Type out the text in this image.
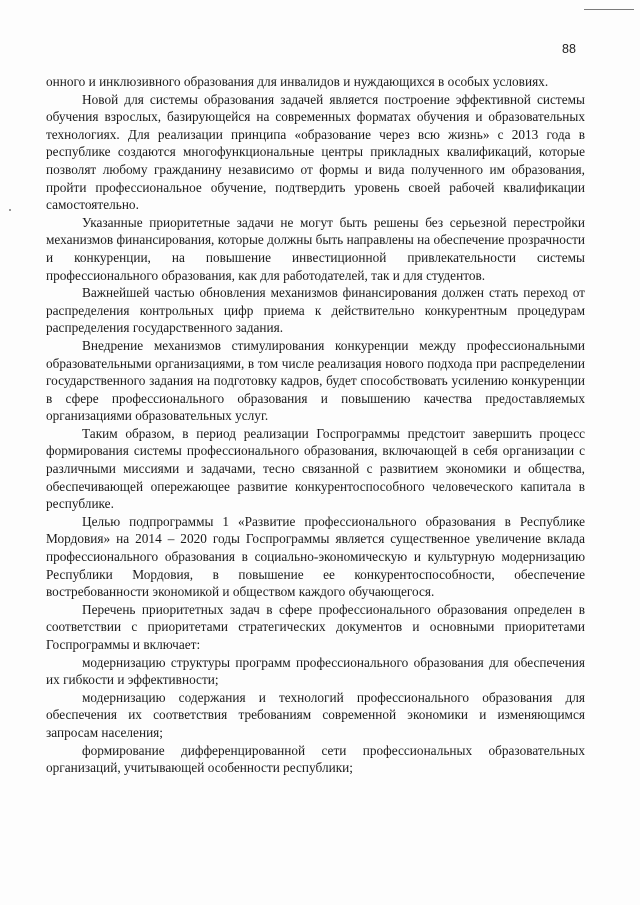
88

онного и инклюзивного образования для инвалидов и нуждающихся в особых условиях.

Новой для системы образования задачей является построение эффективной системы обучения взрослых, базирующейся на современных форматах обучения и образовательных технологиях. Для реализации принципа «образование через всю жизнь» с 2013 года в республике создаются многофункциональные центры прикладных квалификаций, которые позволят любому гражданину независимо от формы и вида полученного им образования, пройти профессиональное обучение, подтвердить уровень своей рабочей квалификации самостоятельно.

Указанные приоритетные задачи не могут быть решены без серьезной перестройки механизмов финансирования, которые должны быть направлены на обеспечение прозрачности и конкуренции, на повышение инвестиционной привлекательности системы профессионального образования, как для работодателей, так и для студентов.

Важнейшей частью обновления механизмов финансирования должен стать переход от распределения контрольных цифр приема к действительно конкурентным процедурам распределения государственного задания.

Внедрение механизмов стимулирования конкуренции между профессиональными образовательными организациями, в том числе реализация нового подхода при распределении государственного задания на подготовку кадров, будет способствовать усилению конкуренции в сфере профессионального образования и повышению качества предоставляемых организациями образовательных услуг.

Таким образом, в период реализации Госпрограммы предстоит завершить процесс формирования системы профессионального образования, включающей в себя организации с различными миссиями и задачами, тесно связанной с развитием экономики и общества, обеспечивающей опережающее развитие конкурентоспособного человеческого капитала в республике.

Целью подпрограммы 1 «Развитие профессионального образования в Республике Мордовия» на 2014 – 2020 годы Госпрограммы является существенное увеличение вклада профессионального образования в социально-экономическую и культурную модернизацию Республики Мордовия, в повышение ее конкурентоспособности, обеспечение востребованности экономикой и обществом каждого обучающегося.

Перечень приоритетных задач в сфере профессионального образования определен в соответствии с приоритетами стратегических документов и основными приоритетами Госпрограммы и включает:

модернизацию структуры программ профессионального образования для обеспечения их гибкости и эффективности;

модернизацию содержания и технологий профессионального образования для обеспечения их соответствия требованиям современной экономики и изменяющимся запросам населения;

формирование дифференцированной сети профессиональных образовательных организаций, учитывающей особенности республики;
